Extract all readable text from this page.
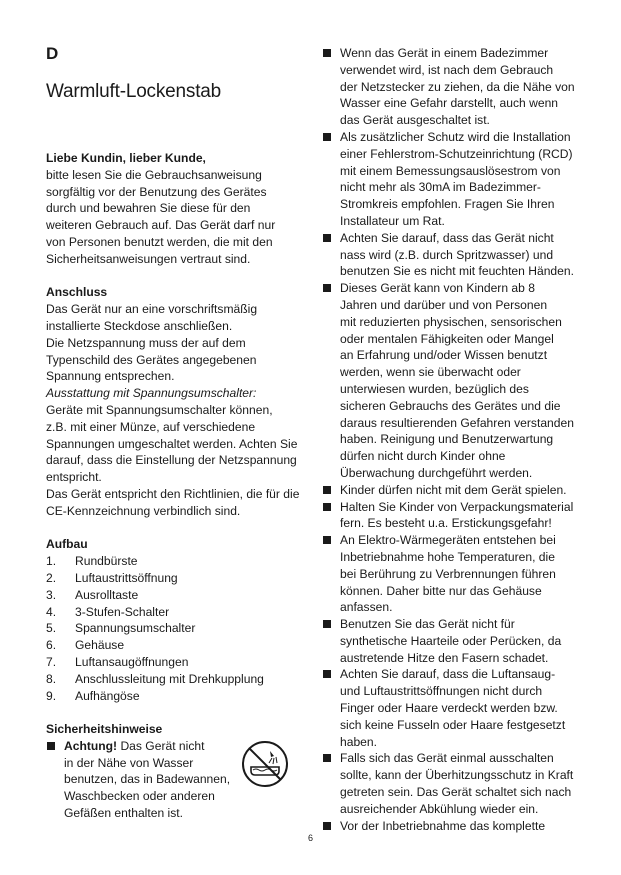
D
Warmluft-Lockenstab

Liebe Kundin, lieber Kunde,

bitte lesen Sie die Gebrauchsanweisung
sorgfältig vor der Benutzung des Gerätes
durch und bewahren Sie diese für den
weiteren Gebrauch auf. Das Gerät darf nur
von Personen benutzt werden, die mit den
Sicherheitsanweisungen vertraut sind.

Anschluss

Das Gerät nur an eine vorschriftsmäßig
installierte Steckdose anschließen.
Die Netzspannung muss der auf dem
Typenschild des Gerätes angegebenen
Spannung entsprechen.

Ausstattung mit Spannungsumschalter:

Geräte mit Spannungsumschalter können,
z.B. mit einer Münze, auf verschiedene
Spannungen umgeschaltet werden. Achten Sie
darauf, dass die Einstellung der Netzspannung
entspricht.
Das Gerät entspricht den Richtlinien, die für die
CE-Kennzeichnung verbindlich sind.

Aufbau

1.	Rundbürste
2.	Luftaustrittsöffnung
3.	Ausrolltaste
4.	3-Stufen-Schalter
5.	Spannungsumschalter
6.	Gehäuse
7.	Luftansaugöffnungen
8.	Anschlussleitung mit Drehkupplung
9.	Aufhängöse

Sicherheitshinweise

Achtung! Das Gerät nicht
in der Nähe von Wasser
benutzen, das in Badewannen,
Waschbecken oder anderen
Gefäßen enthalten ist.
Wenn das Gerät in einem Badezimmer
verwendet wird, ist nach dem Gebrauch
der Netzstecker zu ziehen, da die Nähe von
Wasser eine Gefahr darstellt, auch wenn
das Gerät ausgeschaltet ist.
Als zusätzlicher Schutz wird die Installation
einer Fehlerstrom-Schutzeinrichtung (RCD)
mit einem Bemessungsauslösestrom von
nicht mehr als 30mA im Badezimmer-
Stromkreis empfohlen. Fragen Sie Ihren
Installateur um Rat.
Achten Sie darauf, dass das Gerät nicht
nass wird (z.B. durch Spritzwasser) und
benutzen Sie es nicht mit feuchten Händen.
Dieses Gerät kann von Kindern ab 8
Jahren und darüber und von Personen
mit reduzierten physischen, sensorischen
oder mentalen Fähigkeiten oder Mangel
an Erfahrung und/oder Wissen benutzt
werden, wenn sie überwacht oder
unterwiesen wurden, bezüglich des
sicheren Gebrauchs des Gerätes und die
daraus resultierenden Gefahren verstanden
haben. Reinigung und Benutzerwartung
dürfen nicht durch Kinder ohne
Überwachung durchgeführt werden.
Kinder dürfen nicht mit dem Gerät spielen.
Halten Sie Kinder von Verpackungsmaterial
fern. Es besteht u.a. Erstickungsgefahr!
An Elektro-Wärmegeräten entstehen bei
Inbetriebnahme hohe Temperaturen, die
bei Berührung zu Verbrennungen führen
können. Daher bitte nur das Gehäuse
anfassen.
Benutzen Sie das Gerät nicht für
synthetische Haarteile oder Perücken, da
austretende Hitze den Fasern schadet.
Achten Sie darauf, dass die Luftansaug-
und Luftaustrittsöffnungen nicht durch
Finger oder Haare verdeckt werden bzw.
sich keine Fusseln oder Haare festgesetzt
haben.
Falls sich das Gerät einmal ausschalten
sollte, kann der Überhitzungsschutz in Kraft
getreten sein. Das Gerät schaltet sich nach
ausreichender Abkühlung wieder ein.
Vor der Inbetriebnahme das komplette
6
